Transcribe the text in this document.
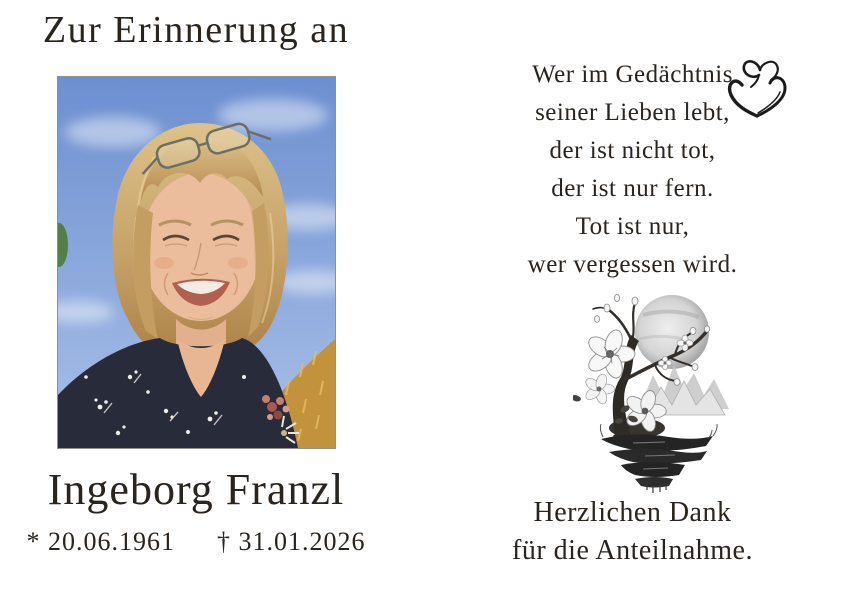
Zur Erinnerung an
Ingeborg Franzl
* 20.06.1961 † 31.01.2026
Wer im Gedächtnis
seiner Lieben lebt,
der ist nicht tot,
der ist nur fern.
Tot ist nur,
wer vergessen wird.
Herzlichen Dank
für die Anteilnahme.
